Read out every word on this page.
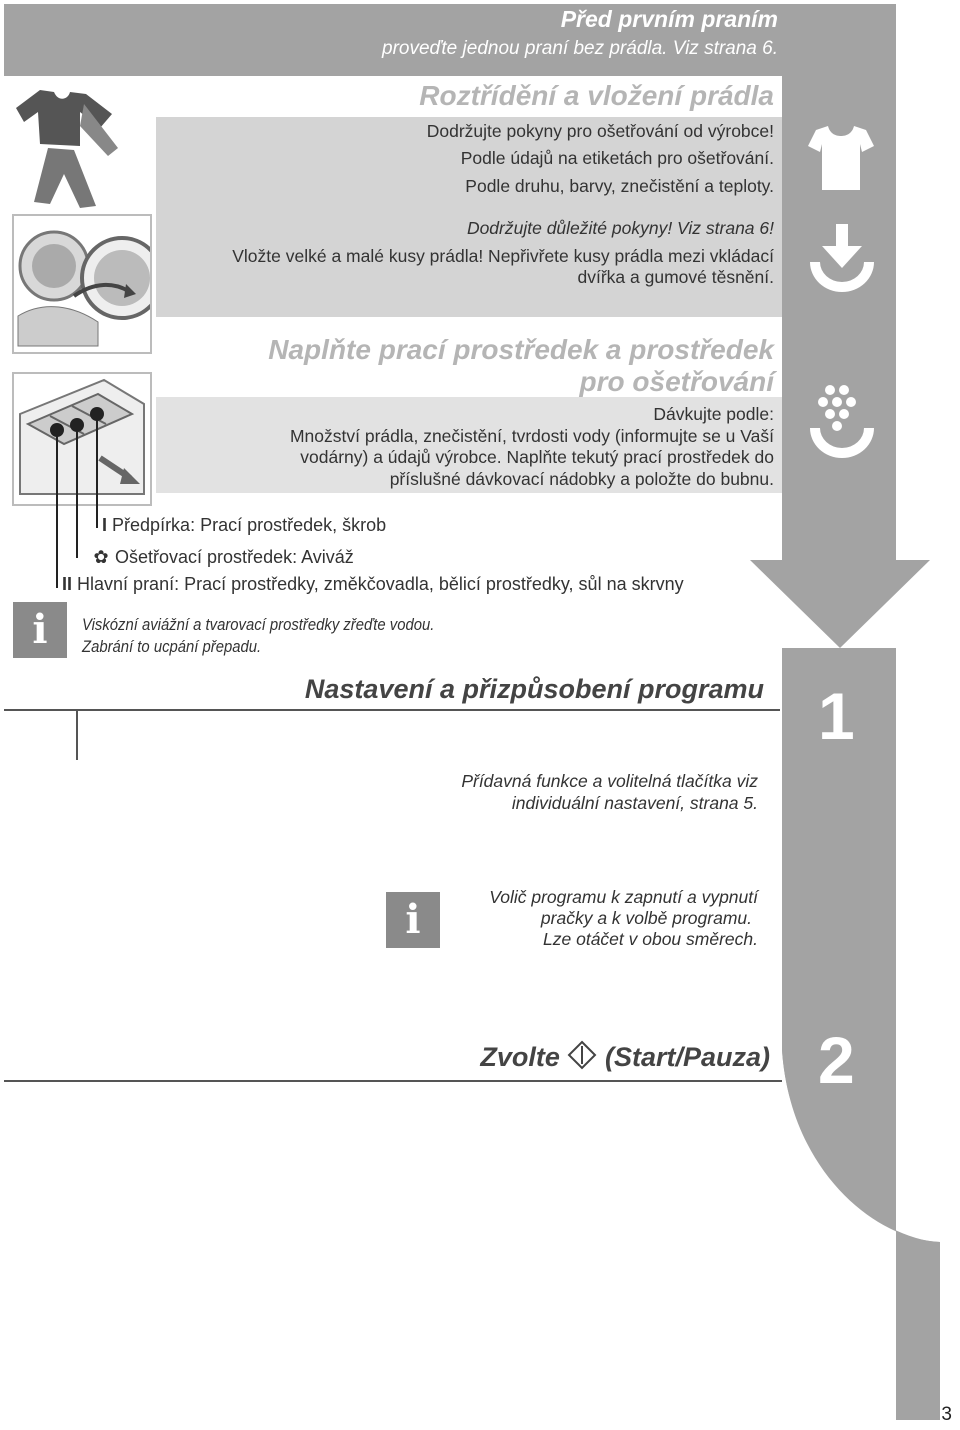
Před prvním praním
proveďte jednou praní bez prádla. Viz strana 6.
Roztřídění a vložení prádla
Dodržujte pokyny pro ošetřování od výrobce!
Podle údajů na etiketách pro ošetřování.
Podle druhu, barvy, znečistění a teploty.
Dodržujte důležité pokyny! Viz strana 6!
Vložte velké a malé kusy prádla! Nepřivřete kusy prádla mezi vkládací
dvířka a gumové těsnění.
Naplňte prací prostředek a prostředek
pro ošetřování
Dávkujte podle:
Množství prádla, znečistění, tvrdosti vody (informujte se u Vaší
vodárny) a údajů výrobce. Naplňte tekutý prací prostředek do
příslušné dávkovací nádobky a položte do bubnu.
I Předpírka: Prací prostředek, škrob
✿ Ošetřovací prostředek: Aviváž
II Hlavní praní: Prací prostředky, změkčovadla, bělicí prostředky, sůl na skrvny
i	Viskózní aviážní a tvarovací prostředky zřeďte vodou.
Zabrání to ucpání přepadu.
Nastavení a přizpůsobení programu 1
Přídavná funkce a volitelná tlačítka viz
individuální nastavení, strana 5.
i	Volič programu k zapnutí a vypnutí
pračky a k volbě programu.
Lze otáčet v obou směrech.
Zvolte (Start/Pauza) 2
3
